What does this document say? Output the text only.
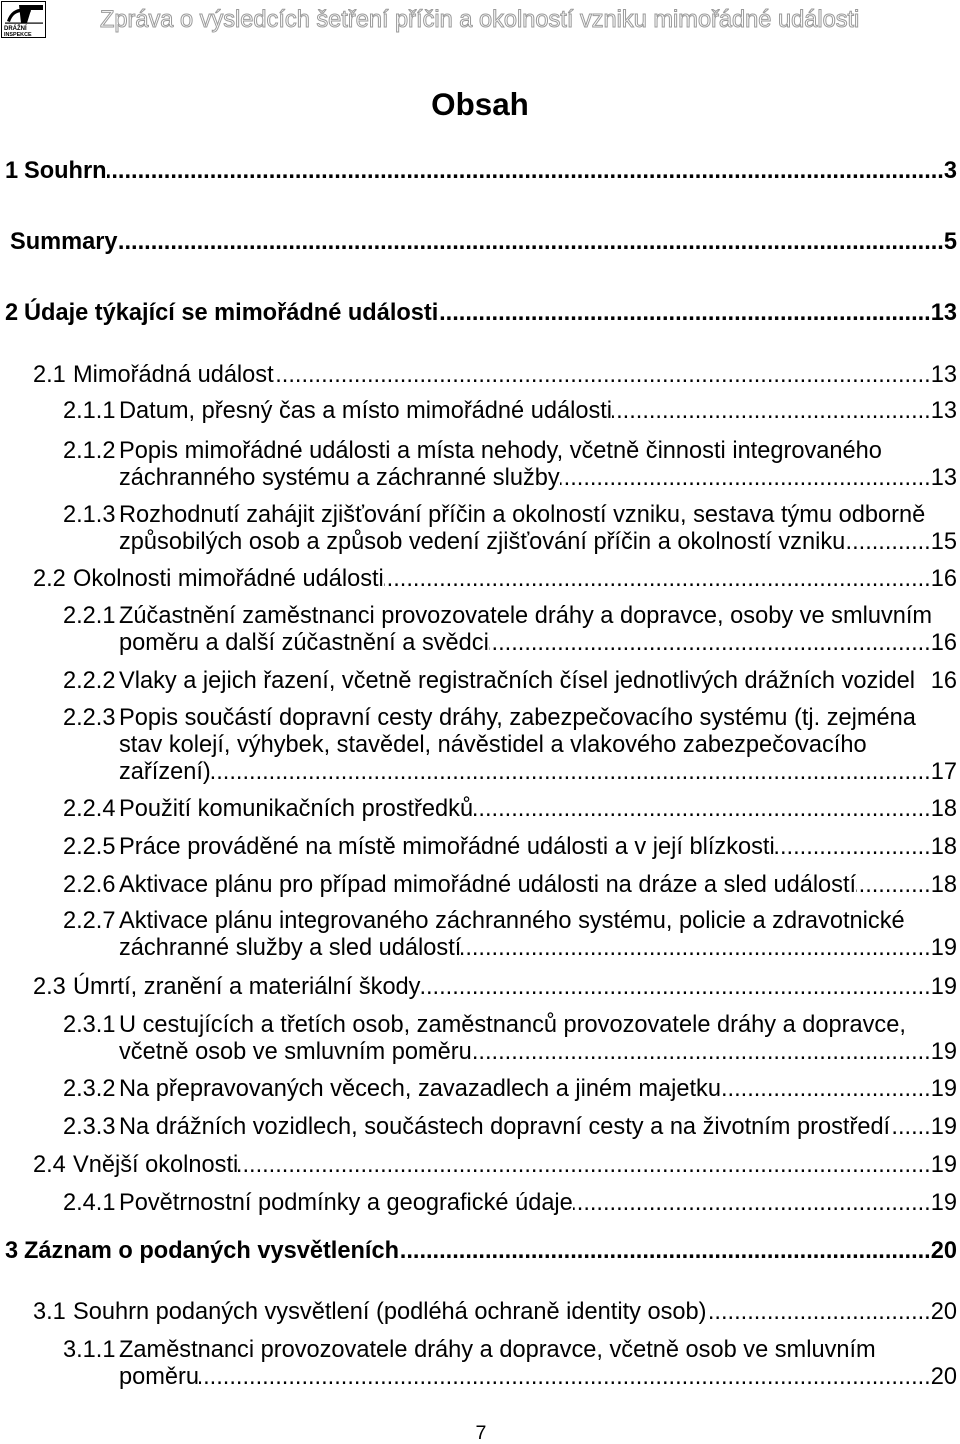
DRÁŽNÍ
INSPEKCE
Zpráva o výsledcích šetření příčin a okolností vzniku mimořádné události
Obsah
1 Souhrn .....	3
Summary .....	5
2 Údaje týkající se mimořádné události .....	13
2.1 Mimořádná událost .....	13
2.1.1 Datum, přesný čas a místo mimořádné události .....	13
2.1.2 Popis mimořádné události a místa nehody, včetně činnosti integrovaného
záchranného systému a záchranné služby .....	13
2.1.3 Rozhodnutí zahájit zjišťování příčin a okolností vzniku, sestava týmu odborně
způsobilých osob a způsob vedení zjišťování příčin a okolností vzniku .....	15
2.2 Okolnosti mimořádné události .....	16
2.2.1 Zúčastnění zaměstnanci provozovatele dráhy a dopravce, osoby ve smluvním
poměru a další zúčastnění a svědci .....	16
2.2.2 Vlaky a jejich řazení, včetně registračních čísel jednotlivých drážních vozidel 16
2.2.3 Popis součástí dopravní cesty dráhy, zabezpečovacího systému (tj. zejména
stav kolejí, výhybek, stavědel, návěstidel a vlakového zabezpečovacího
zařízení) .....	17
2.2.4 Použití komunikačních prostředků .....	18
2.2.5 Práce prováděné na místě mimořádné události a v její blízkosti .....	18
2.2.6 Aktivace plánu pro případ mimořádné události na dráze a sled událostí .....	18
2.2.7 Aktivace plánu integrovaného záchranného systému, policie a zdravotnické
záchranné služby a sled událostí .....	19
2.3 Úmrtí, zranění a materiální škody .....	19
2.3.1 U cestujících a třetích osob, zaměstnanců provozovatele dráhy a dopravce,
včetně osob ve smluvním poměru .....	19
2.3.2 Na přepravovaných věcech, zavazadlech a jiném majetku .....	19
2.3.3 Na drážních vozidlech, součástech dopravní cesty a na životním prostředí ..... 19
2.4 Vnější okolnosti .....	19
2.4.1 Povětrnostní podmínky a geografické údaje .....	19
3 Záznam o podaných vysvětleních .....	20
3.1 Souhrn podaných vysvětlení (podléhá ochraně identity osob) .....	20
3.1.1 Zaměstnanci provozovatele dráhy a dopravce, včetně osob ve smluvním
poměru .....	20
7
